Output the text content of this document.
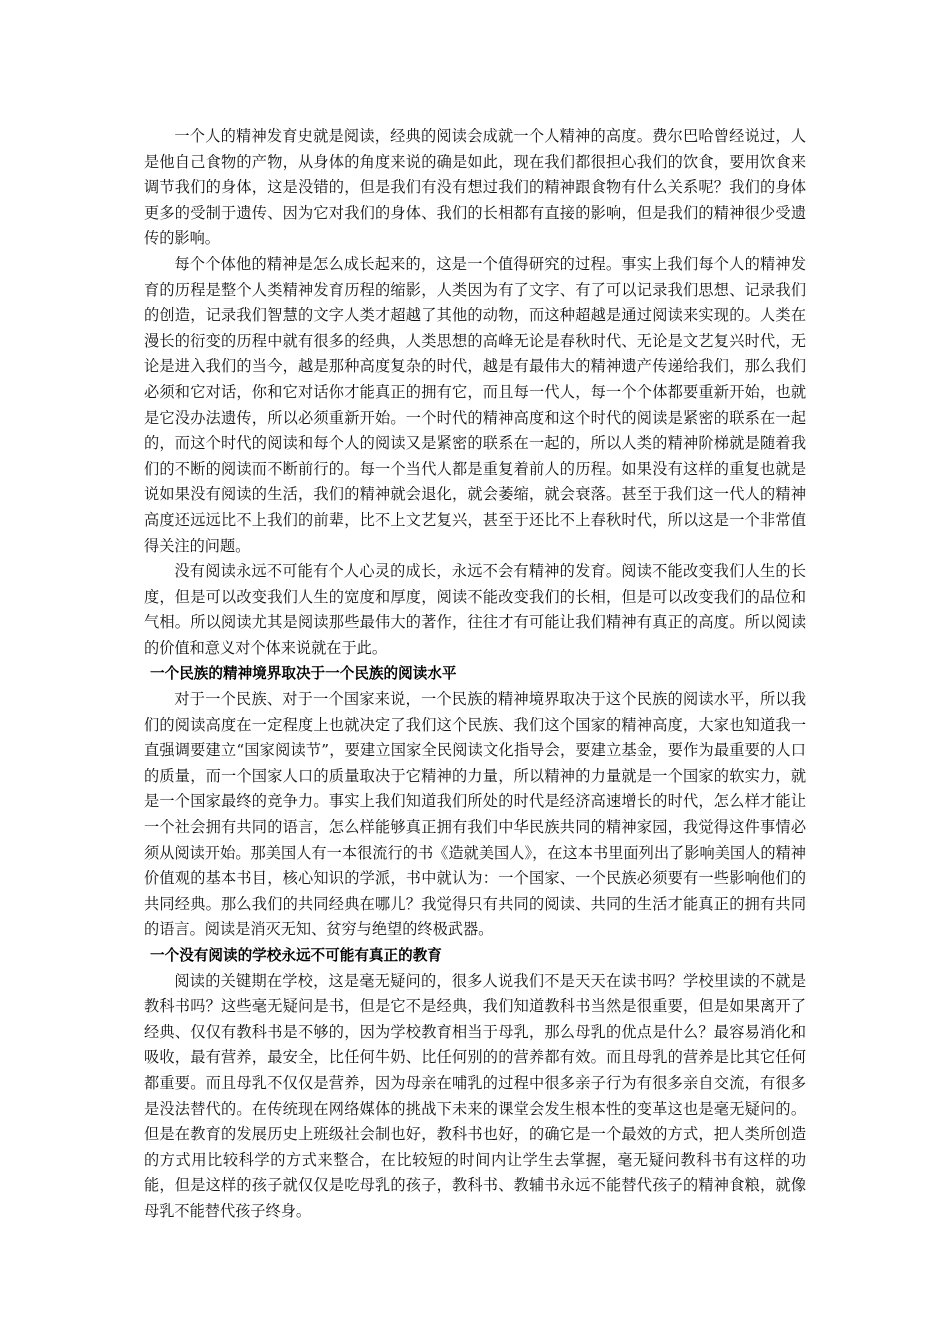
一个人的精神发育史就是阅读，经典的阅读会成就一个人精神的高度。费尔巴哈曾经说过，人是他自己食物的产物，从身体的角度来说的确是如此，现在我们都很担心我们的饮食，要用饮食来调节我们的身体，这是没错的，但是我们有没有想过我们的精神跟食物有什么关系呢？我们的身体更多的受制于遗传、因为它对我们的身体、我们的长相都有直接的影响，但是我们的精神很少受遗传的影响。

每个个体他的精神是怎么成长起来的，这是一个值得研究的过程。事实上我们每个人的精神发育的历程是整个人类精神发育历程的缩影，人类因为有了文字、有了可以记录我们思想、记录我们的创造，记录我们智慧的文字人类才超越了其他的动物，而这种超越是通过阅读来实现的。人类在漫长的衍变的历程中就有很多的经典，人类思想的高峰无论是春秋时代、无论是文艺复兴时代，无论是进入我们的当今，越是那种高度复杂的时代，越是有最伟大的精神遗产传递给我们，那么我们必须和它对话，你和它对话你才能真正的拥有它，而且每一代人，每一个个体都要重新开始，也就是它没办法遗传，所以必须重新开始。一个时代的精神高度和这个时代的阅读是紧密的联系在一起的，而这个时代的阅读和每个人的阅读又是紧密的联系在一起的，所以人类的精神阶梯就是随着我们的不断的阅读而不断前行的。每一个当代人都是重复着前人的历程。如果没有这样的重复也就是说如果没有阅读的生活，我们的精神就会退化，就会萎缩，就会衰落。甚至于我们这一代人的精神高度还远远比不上我们的前辈，比不上文艺复兴，甚至于还比不上春秋时代，所以这是一个非常值得关注的问题。

没有阅读永远不可能有个人心灵的成长，永远不会有精神的发育。阅读不能改变我们人生的长度，但是可以改变我们人生的宽度和厚度，阅读不能改变我们的长相，但是可以改变我们的品位和气相。所以阅读尤其是阅读那些最伟大的著作，往往才有可能让我们精神有真正的高度。所以阅读的价值和意义对个体来说就在于此。

一个民族的精神境界取决于一个民族的阅读水平

对于一个民族、对于一个国家来说，一个民族的精神境界取决于这个民族的阅读水平，所以我们的阅读高度在一定程度上也就决定了我们这个民族、我们这个国家的精神高度，大家也知道我一直强调要建立“国家阅读节”，要建立国家全民阅读文化指导会，要建立基金，要作为最重要的人口的质量，而一个国家人口的质量取决于它精神的力量，所以精神的力量就是一个国家的软实力，就是一个国家最终的竞争力。事实上我们知道我们所处的时代是经济高速增长的时代，怎么样才能让一个社会拥有共同的语言，怎么样能够真正拥有我们中华民族共同的精神家园，我觉得这件事情必须从阅读开始。那美国人有一本很流行的书《造就美国人》，在这本书里面列出了影响美国人的精神价值观的基本书目，核心知识的学派，书中就认为：一个国家、一个民族必须要有一些影响他们的共同经典。那么我们的共同经典在哪儿？我觉得只有共同的阅读、共同的生活才能真正的拥有共同的语言。阅读是消灭无知、贫穷与绝望的终极武器。

一个没有阅读的学校永远不可能有真正的教育

阅读的关键期在学校，这是毫无疑问的，很多人说我们不是天天在读书吗？学校里读的不就是教科书吗？这些毫无疑问是书，但是它不是经典，我们知道教科书当然是很重要，但是如果离开了经典、仅仅有教科书是不够的，因为学校教育相当于母乳，那么母乳的优点是什么？最容易消化和吸收，最有营养，最安全，比任何牛奶、比任何别的的营养都有效。而且母乳的营养是比其它任何都重要。而且母乳不仅仅是营养，因为母亲在哺乳的过程中很多亲子行为有很多亲自交流，有很多是没法替代的。在传统现在网络媒体的挑战下未来的课堂会发生根本性的变革这也是毫无疑问的。但是在教育的发展历史上班级社会制也好，教科书也好，的确它是一个最效的方式，把人类所创造的方式用比较科学的方式来整合，在比较短的时间内让学生去掌握，毫无疑问教科书有这样的功能，但是这样的孩子就仅仅是吃母乳的孩子，教科书、教辅书永远不能替代孩子的精神食粮，就像母乳不能替代孩子终身。
